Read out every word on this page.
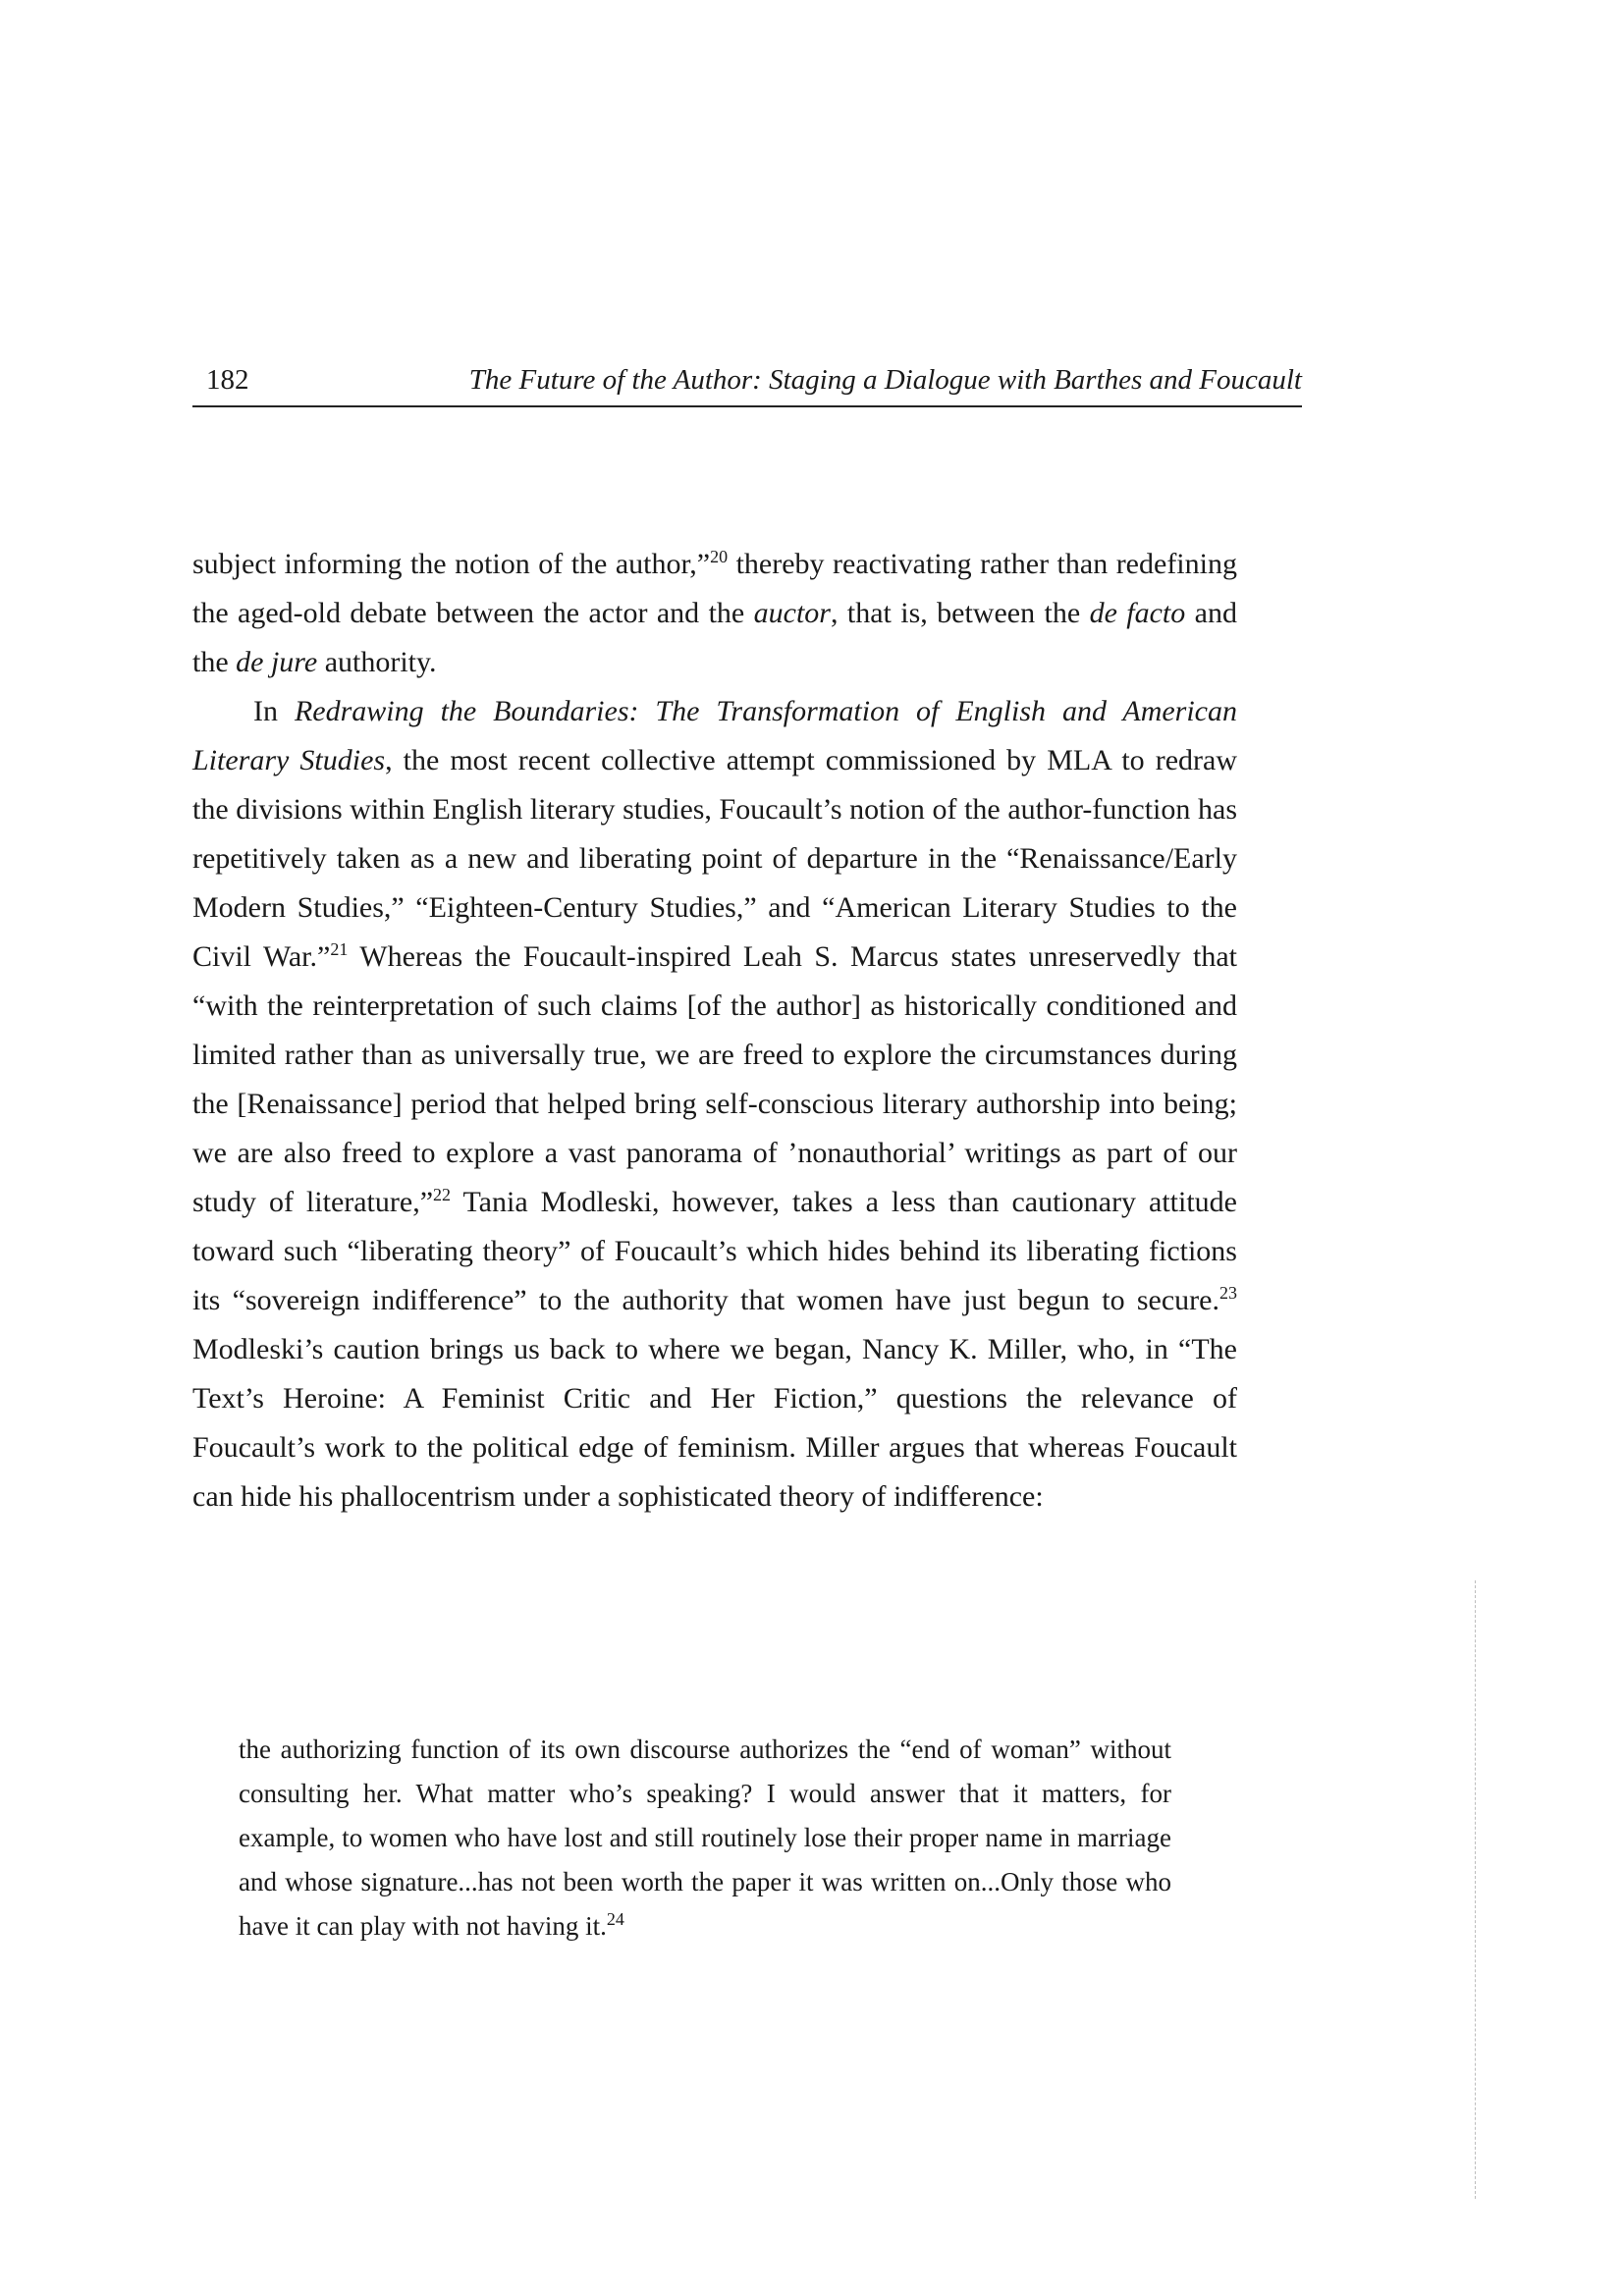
182	The Future of the Author: Staging a Dialogue with Barthes and Foucault

subject informing the notion of the author,”$^{20}$ thereby reactivating rather than redefining the aged-old debate between the actor and the auctor, that is, between the de facto and the de jure authority.

In Redrawing the Boundaries: The Transformation of English and American Literary Studies, the most recent collective attempt commissioned by MLA to redraw the divisions within English literary studies, Foucault’s notion of the author-function has repetitively taken as a new and liberating point of departure in the “Renaissance/Early Modern Studies,” “Eighteen-Century Studies,” and “American Literary Studies to the Civil War.”$^{21}$ Whereas the Foucault-inspired Leah S. Marcus states unreservedly that “with the reinterpretation of such claims [of the author] as historically conditioned and limited rather than as universally true, we are freed to explore the circumstances during the [Renaissance] period that helped bring self-conscious literary authorship into being; we are also freed to explore a vast panorama of ’nonauthorial’ writings as part of our study of literature,”$^{22}$ Tania Modleski, however, takes a less than cautionary attitude toward such “liberating theory” of Foucault’s which hides behind its liberating fictions its “sovereign indifference” to the authority that women have just begun to secure.$^{23}$ Modleski’s caution brings us back to where we began, Nancy K. Miller, who, in “The Text’s Heroine: A Feminist Critic and Her Fiction,” questions the relevance of Foucault’s work to the political edge of feminism. Miller argues that whereas Foucault can hide his phallocentrism under a sophisticated theory of indifference:

the authorizing function of its own discourse authorizes the “end of woman” without consulting her. What matter who’s speaking? I would answer that it matters, for example, to women who have lost and still routinely lose their proper name in marriage and whose signature...has not been worth the paper it was written on...Only those who have it can play with not having it.$^{24}$
